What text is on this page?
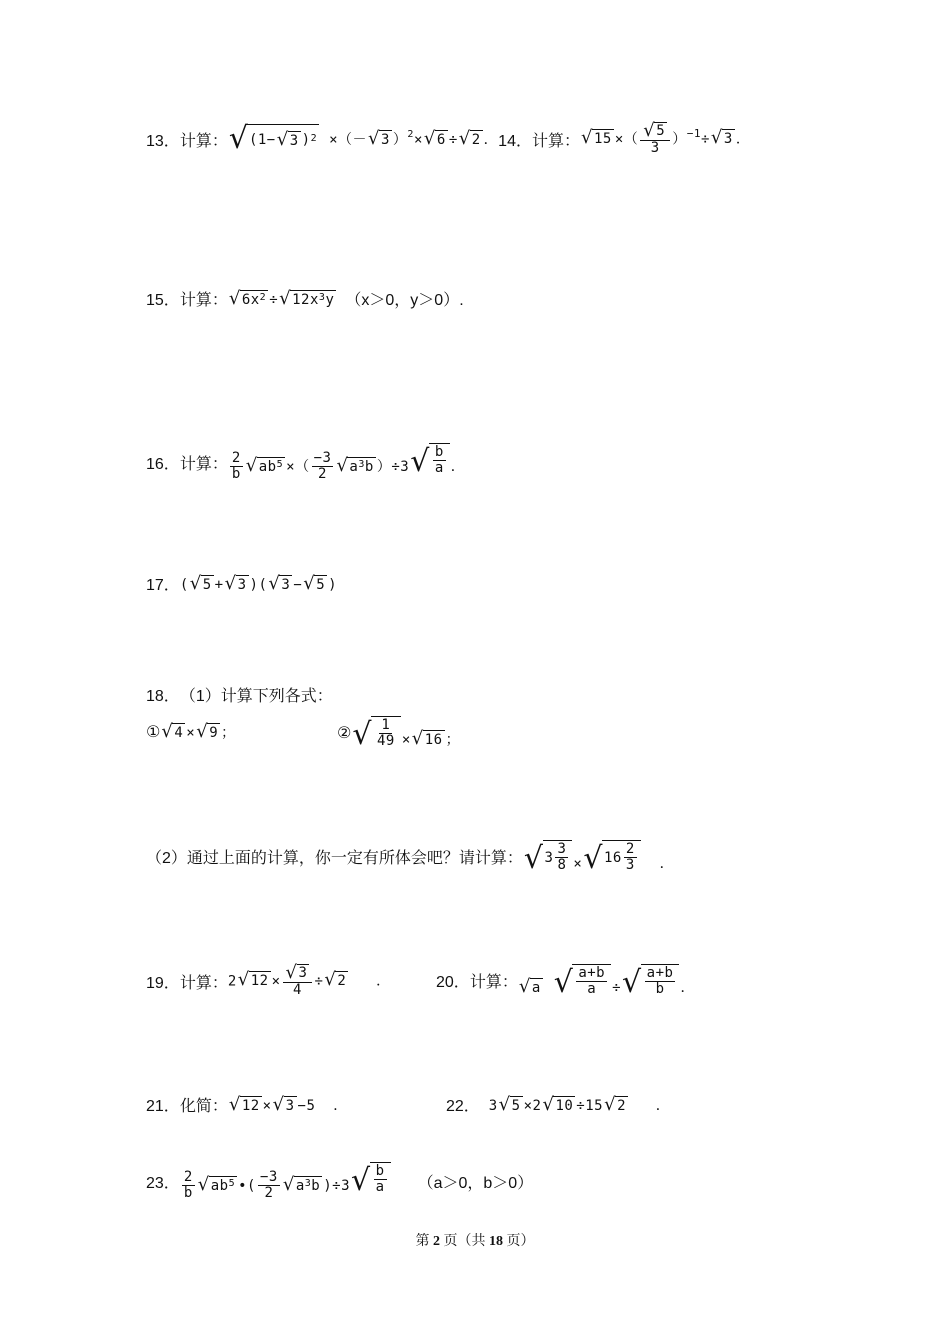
13． 计算： √ (1− √ 3 )$^2$ ×（－ √ 3 ）$^2$× √ 6 ÷ √ 2 ． 14． 计算： √ 15 ×（ $\frac{√ 5}{3} )^{-1}\div$ √ 3 ．
15． 计算： √ $6x^2$ ÷ √ $12x^3$ y （x＞0，y＞0）.
16． 计算： $\frac{2}{b}$ √ $ab^5$ ×（ $\frac{-3}{2}$ √ $a^3$ b ）÷3 √ $\frac{b}{a}$ ．
17． ( √ 5 + √ 3 )( √ 3 − √ 5 )
18． （1）计算下列各式：
① √ 4 × √ 9 ；	② √ $\frac{1}{49}$ × √ 16 ；
（2）通过上面的计算，你一定有所体会吧？请计算： √ $3 \frac{3}{8}$ × √ $16 \frac{2}{3}$ ．
19． 计算： 2 √ $12 \times \frac{√ 3}{4}$ ÷ √ 2 ．	20． 计算： √ a
√ $\frac{a+b}{a}$ ÷ √ $\frac{a+b}{b}$ ．
21． 化简： √ 12 × √ 3 −5  ．	22． 3 √ 5 ×2 √ 10 ÷15 √ 2 ．
23． $\frac{2}{b}$ √ $ab^5$ •( $\frac{-3}{2}$ √ $a^3$ b )÷3 √ $\frac{b}{a} (a>0$，b＞0）
第 2 页（共 18 页）
